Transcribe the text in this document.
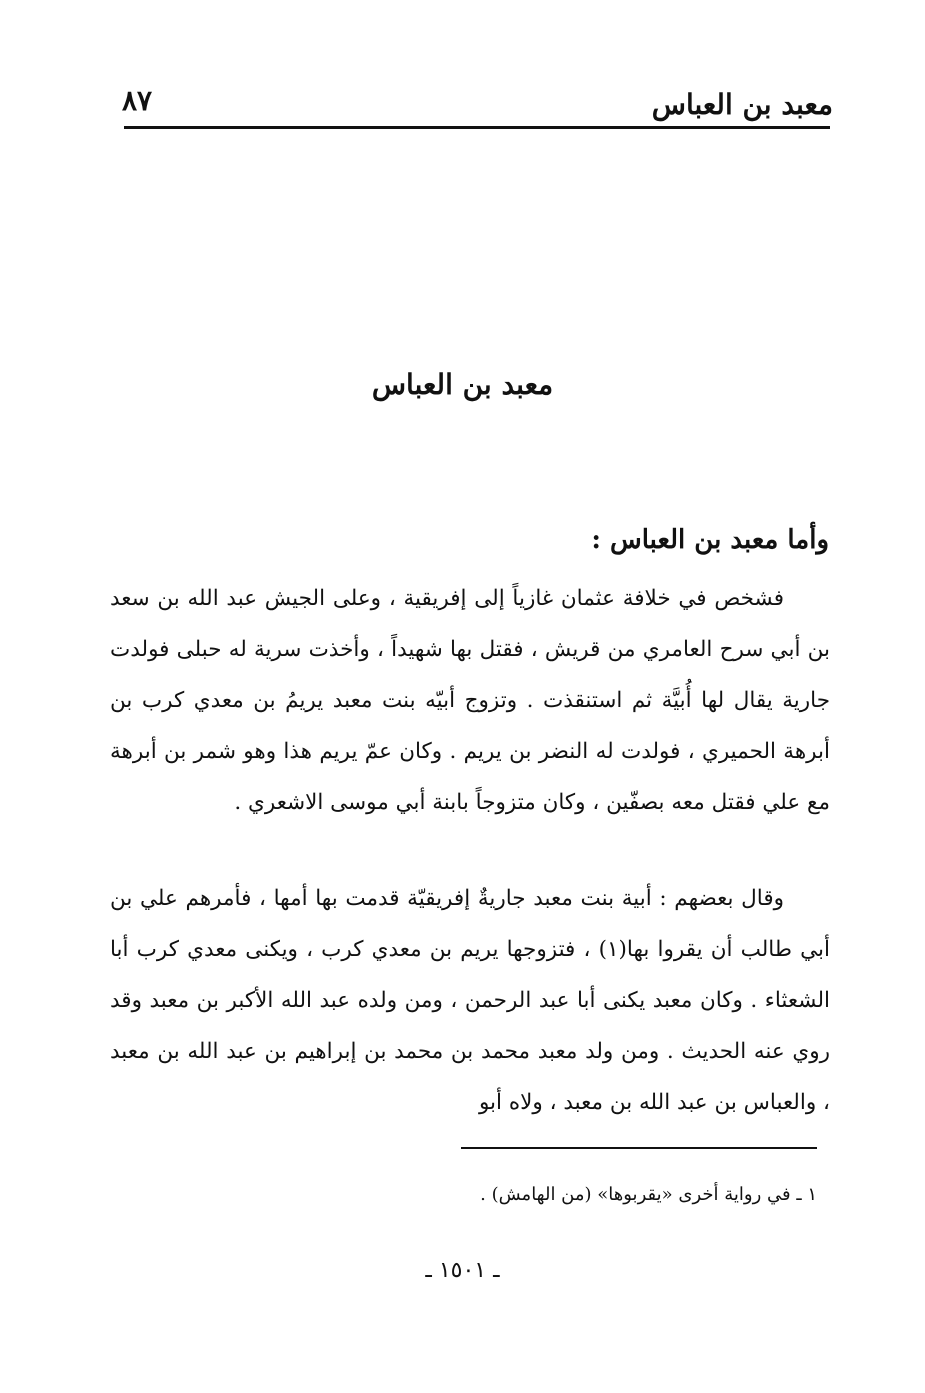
معبد بن العباس
٨٧
معبد بن العباس
وأما معبد بن العباس :

فشخص في خلافة عثمان غازياً إلى إفريقية ، وعلى الجيش عبد الله بن سعد بن أبي سرح العامري من قريش ، فقتل بها شهيداً ، وأخذت سرية له حبلى فولدت جارية يقال لها أُبيَّة ثم استنقذت . وتزوج أبيّه بنت معبد يريمُ بن معدي كرب بن أبرهة الحميري ، فولدت له النضر بن يريم . وكان عمّ يريم هذا وهو شمر بن أبرهة مع علي فقتل معه بصفّين ، وكان متزوجاً بابنة أبي موسى الاشعري .

وقال بعضهم : أبية بنت معبد جاريةٌ إفريقيّة قدمت بها أمها ، فأمرهم علي بن أبي طالب أن يقروا بها(١) ، فتزوجها يريم بن معدي كرب ، ويكنى معدي كرب أبا الشعثاء . وكان معبد يكنى أبا عبد الرحمن ، ومن ولده عبد الله الأكبر بن معبد وقد روي عنه الحديث . ومن ولد معبد محمد بن محمد بن إبراهيم بن عبد الله بن معبد ، والعباس بن عبد الله بن معبد ، ولاه أبو

١ ـ في رواية أخرى «يقربوها» (من الهامش) .
ـ ١٥٠١ ـ
